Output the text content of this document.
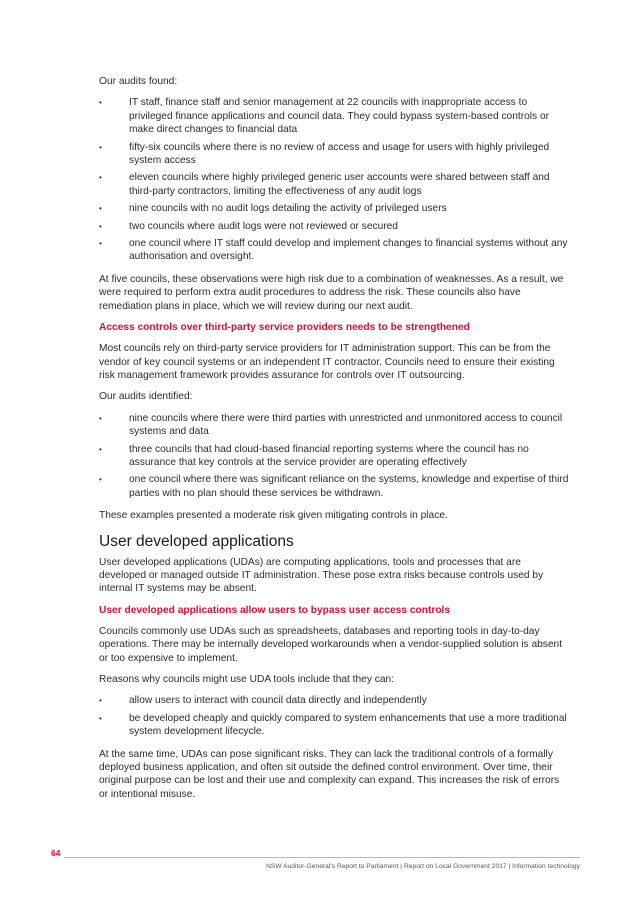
Our audits found:

• IT staff, finance staff and senior management at 22 councils with inappropriate access to privileged finance applications and council data. They could bypass system-based controls or make direct changes to financial data
• fifty-six councils where there is no review of access and usage for users with highly privileged system access
• eleven councils where highly privileged generic user accounts were shared between staff and third-party contractors, limiting the effectiveness of any audit logs
• nine councils with no audit logs detailing the activity of privileged users
• two councils where audit logs were not reviewed or secured
• one council where IT staff could develop and implement changes to financial systems without any authorisation and oversight.

At five councils, these observations were high risk due to a combination of weaknesses. As a result, we were required to perform extra audit procedures to address the risk. These councils also have remediation plans in place, which we will review during our next audit.

Access controls over third-party service providers needs to be strengthened

Most councils rely on third-party service providers for IT administration support. This can be from the vendor of key council systems or an independent IT contractor. Councils need to ensure their existing risk management framework provides assurance for controls over IT outsourcing.

Our audits identified:

• nine councils where there were third parties with unrestricted and unmonitored access to council systems and data
• three councils that had cloud-based financial reporting systems where the council has no assurance that key controls at the service provider are operating effectively
• one council where there was significant reliance on the systems, knowledge and expertise of third parties with no plan should these services be withdrawn.

These examples presented a moderate risk given mitigating controls in place.

User developed applications

User developed applications (UDAs) are computing applications, tools and processes that are developed or managed outside IT administration. These pose extra risks because controls used by internal IT systems may be absent.

User developed applications allow users to bypass user access controls

Councils commonly use UDAs such as spreadsheets, databases and reporting tools in day-to-day operations. There may be internally developed workarounds when a vendor-supplied solution is absent or too expensive to implement.

Reasons why councils might use UDA tools include that they can:

• allow users to interact with council data directly and independently
• be developed cheaply and quickly compared to system enhancements that use a more traditional system development lifecycle.

At the same time, UDAs can pose significant risks. They can lack the traditional controls of a formally deployed business application, and often sit outside the defined control environment. Over time, their original purpose can be lost and their use and complexity can expand. This increases the risk of errors or intentional misuse.

64
NSW Auditor-General's Report to Parliament | Report on Local Government 2017 | Information technology
